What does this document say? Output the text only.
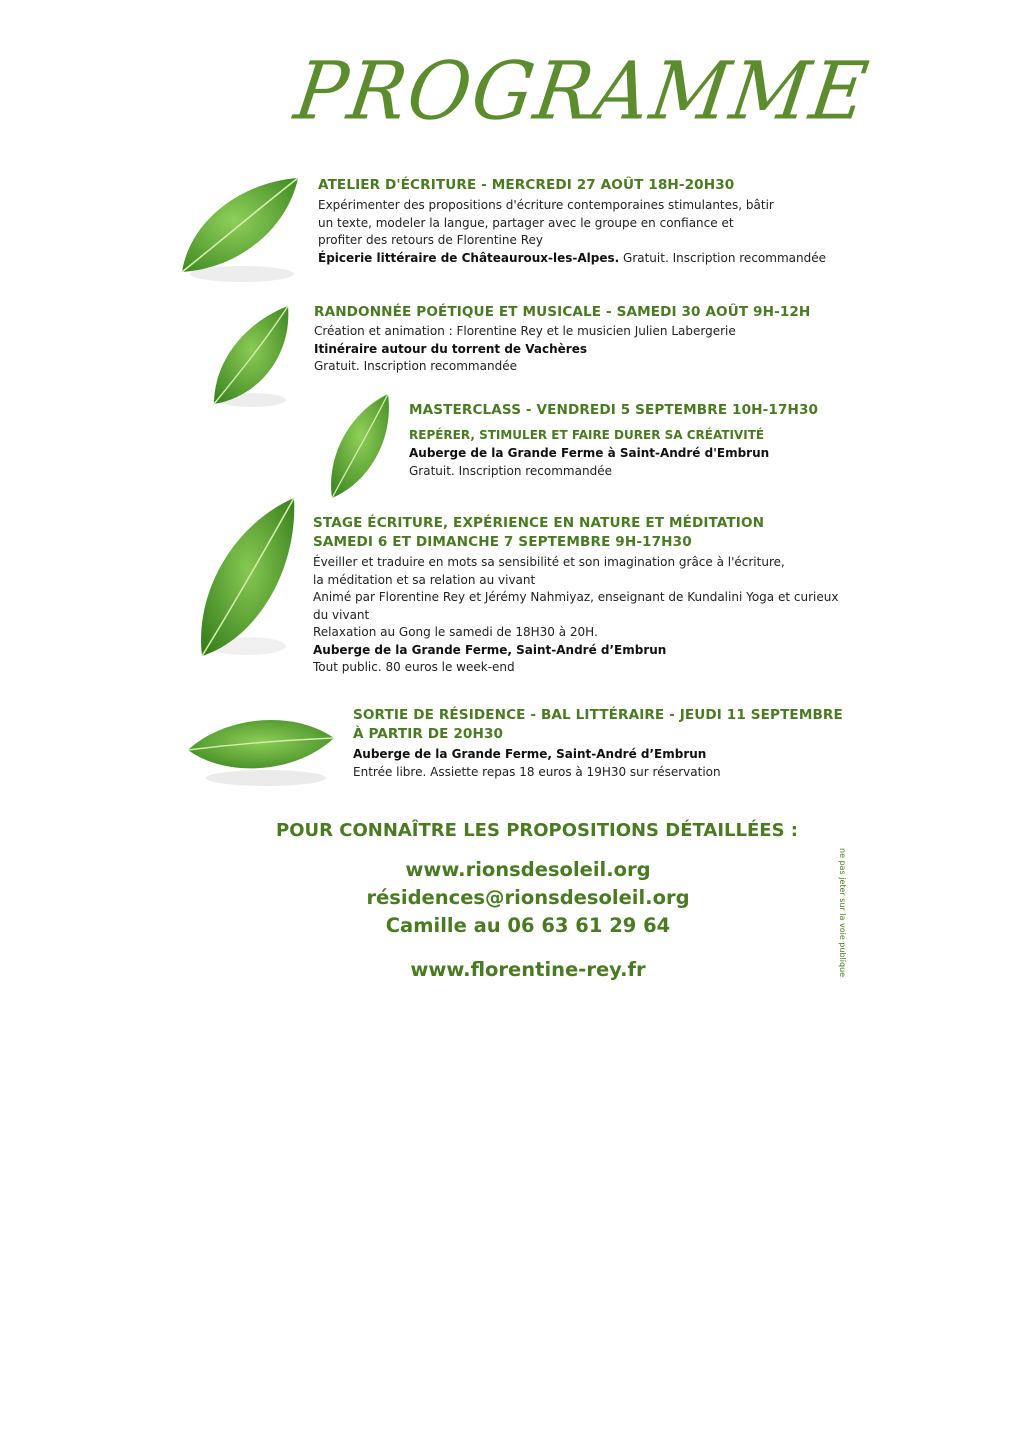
PROGRAMME
ATELIER D'ÉCRITURE - MERCREDI 27 AOÛT 18H-20H30
Expérimenter des propositions d'écriture contemporaines stimulantes, bâtir
un texte, modeler la langue, partager avec le groupe en confiance et
profiter des retours de Florentine Rey
Épicerie littéraire de Châteauroux-les-Alpes. Gratuit. Inscription recommandée
RANDONNÉE POÉTIQUE ET MUSICALE - SAMEDI 30 AOÛT 9H-12H
Création et animation : Florentine Rey et le musicien Julien Labergerie
Itinéraire autour du torrent de Vachères
Gratuit. Inscription recommandée
MASTERCLASS - VENDREDI 5 SEPTEMBRE 10H-17H30
REPÉRER, STIMULER ET FAIRE DURER SA CRÉATIVITÉ
Auberge de la Grande Ferme à Saint-André d'Embrun
Gratuit. Inscription recommandée
STAGE ÉCRITURE, EXPÉRIENCE EN NATURE ET MÉDITATION
SAMEDI 6 ET DIMANCHE 7 SEPTEMBRE 9H-17H30
Éveiller et traduire en mots sa sensibilité et son imagination grâce à l'écriture,
la méditation et sa relation au vivant
Animé par Florentine Rey et Jérémy Nahmiyaz, enseignant de Kundalini Yoga et curieux
du vivant
Relaxation au Gong le samedi de 18H30 à 20H.
Auberge de la Grande Ferme, Saint-André d’Embrun
Tout public. 80 euros le week-end
SORTIE DE RÉSIDENCE - BAL LITTÉRAIRE - JEUDI 11 SEPTEMBRE
À PARTIR DE 20H30
Auberge de la Grande Ferme, Saint-André d’Embrun
Entrée libre. Assiette repas 18 euros à 19H30 sur réservation
POUR CONNAÎTRE LES PROPOSITIONS DÉTAILLÉES :
www.rionsdesoleil.org
résidences@rionsdesoleil.org
Camille au 06 63 61 29 64
www.florentine-rey.fr	ne pas jeter sur la voie publique
